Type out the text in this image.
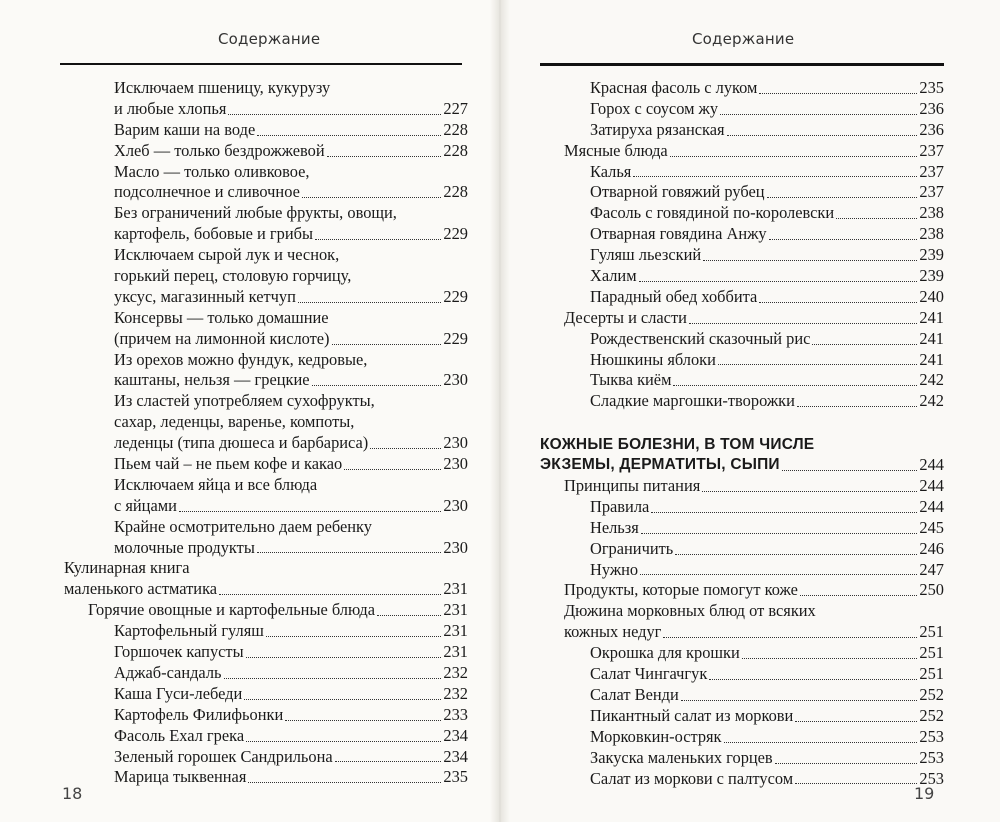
Содержание
Исключаем пшеницу, кукурузу
и любые хлопья	227
Варим каши на воде	228
Хлеб — только бездрожжевой	228
Масло — только оливковое,
подсолнечное и сливочное	228
Без ограничений любые фрукты, овощи,
картофель, бобовые и грибы	229
Исключаем сырой лук и чеснок,
горький перец, столовую горчицу,
уксус, магазинный кетчуп	229
Консервы — только домашние
(причем на лимонной кислоте)	229
Из орехов можно фундук, кедровые,
каштаны, нельзя — грецкие	230
Из сластей употребляем сухофрукты,
сахар, леденцы, варенье, компоты,
леденцы (типа дюшеса и барбариса)	230
Пьем чай – не пьем кофе и какао	230
Исключаем яйца и все блюда
с яйцами	230
Крайне осмотрительно даем ребенку
молочные продукты	230
Кулинарная книга
маленького астматика	231
Горячие овощные и картофельные блюда	231
Картофельный гуляш	231
Горшочек капусты	231
Аджаб-сандаль	232
Каша Гуси-лебеди	232
Картофель Филифьонки	233
Фасоль Ехал грека	234
Зеленый горошек Сандрильона	234
Марица тыквенная	235
18
Содержание
Красная фасоль с луком	235
Горох с соусом жу	236
Затируха рязанская	236
Мясные блюда	237
Калья	237
Отварной говяжий рубец	237
Фасоль с говядиной по-королевски	238
Отварная говядина Анжу	238
Гуляш льезский	239
Халим	239
Парадный обед хоббита	240
Десерты и сласти	241
Рождественский сказочный рис	241
Нюшкины яблоки	241
Тыква киём	242
Сладкие маргошки-творожки	242
КОЖНЫЕ БОЛЕЗНИ, В ТОМ ЧИСЛЕ
ЭКЗЕМЫ, ДЕРМАТИТЫ, СЫПИ	244
Принципы питания	244
Правила	244
Нельзя	245
Ограничить	246
Нужно	247
Продукты, которые помогут коже	250
Дюжина морковных блюд от всяких
кожных недуг	251
Окрошка для крошки	251
Салат Чингачгук	251
Салат Венди	252
Пикантный салат из моркови	252
Морковкин-остряк	253
Закуска маленьких горцев	253
Салат из моркови с палтусом	253
19
